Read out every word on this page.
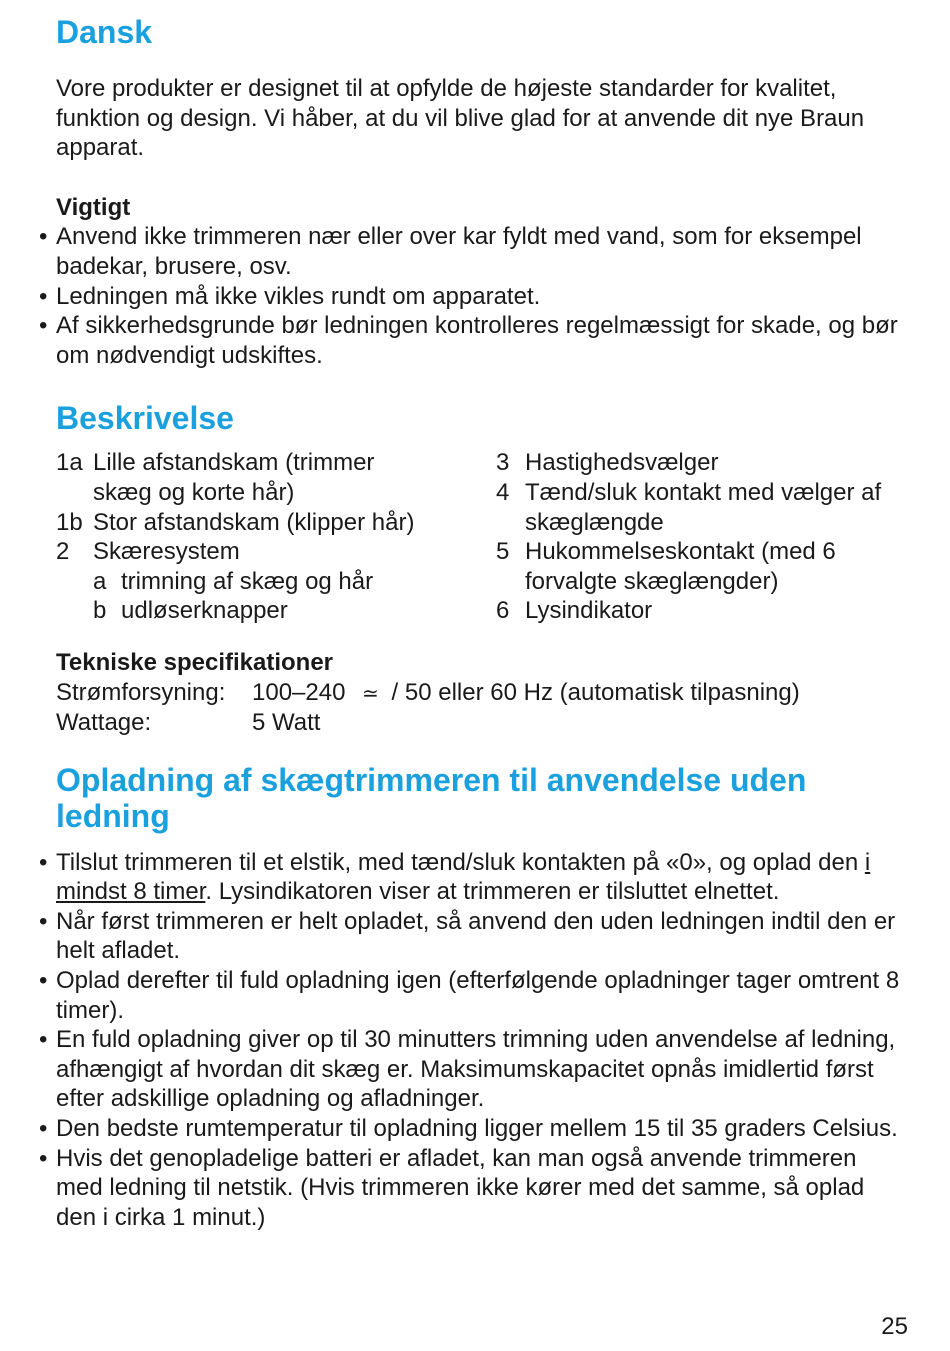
Dansk

Vore produkter er designet til at opfylde de højeste standarder for kvalitet, funktion og design. Vi håber, at du vil blive glad for at anvende dit nye Braun apparat.

Vigtigt

• Anvend ikke trimmeren nær eller over kar fyldt med vand, som for eksempel badekar, brusere, osv.
• Ledningen må ikke vikles rundt om apparatet.
• Af sikkerhedsgrunde bør ledningen kontrolleres regelmæssigt for skade, og bør om nødvendigt udskiftes.
Beskrivelse
1a Lille afstandskam (trimmer skæg og korte hår)
1b Stor afstandskam (klipper hår)
2 Skæresystem
a trimning af skæg og hår
b udløserknapper
3 Hastighedsvælger
4 Tænd/sluk kontakt med vælger af skæglængde
5 Hukommelseskontakt (med 6 forvalgte skæglængder)
6 Lysindikator

Tekniske specifikationer

Strømforsyning:	100–240 ≃ / 50 eller 60 Hz (automatisk tilpasning)
Wattage:	5 Watt
Opladning af skægtrimmeren til anvendelse uden ledning
• Tilslut trimmeren til et elstik, med tænd/sluk kontakten på «0», og oplad den i mindst 8 timer. Lysindikatoren viser at trimmeren er tilsluttet elnettet.
• Når først trimmeren er helt opladet, så anvend den uden ledningen indtil den er helt afladet.
• Oplad derefter til fuld opladning igen (efterfølgende opladninger tager omtrent 8 timer).
• En fuld opladning giver op til 30 minutters trimning uden anvendelse af ledning, afhængigt af hvordan dit skæg er. Maksimumskapacitet opnås imidlertid først efter adskillige opladning og afladninger.
• Den bedste rumtemperatur til opladning ligger mellem 15 til 35 graders Celsius.
• Hvis det genopladelige batteri er afladet, kan man også anvende trimmeren med ledning til netstik. (Hvis trimmeren ikke kører med det samme, så oplad den i cirka 1 minut.)
25
